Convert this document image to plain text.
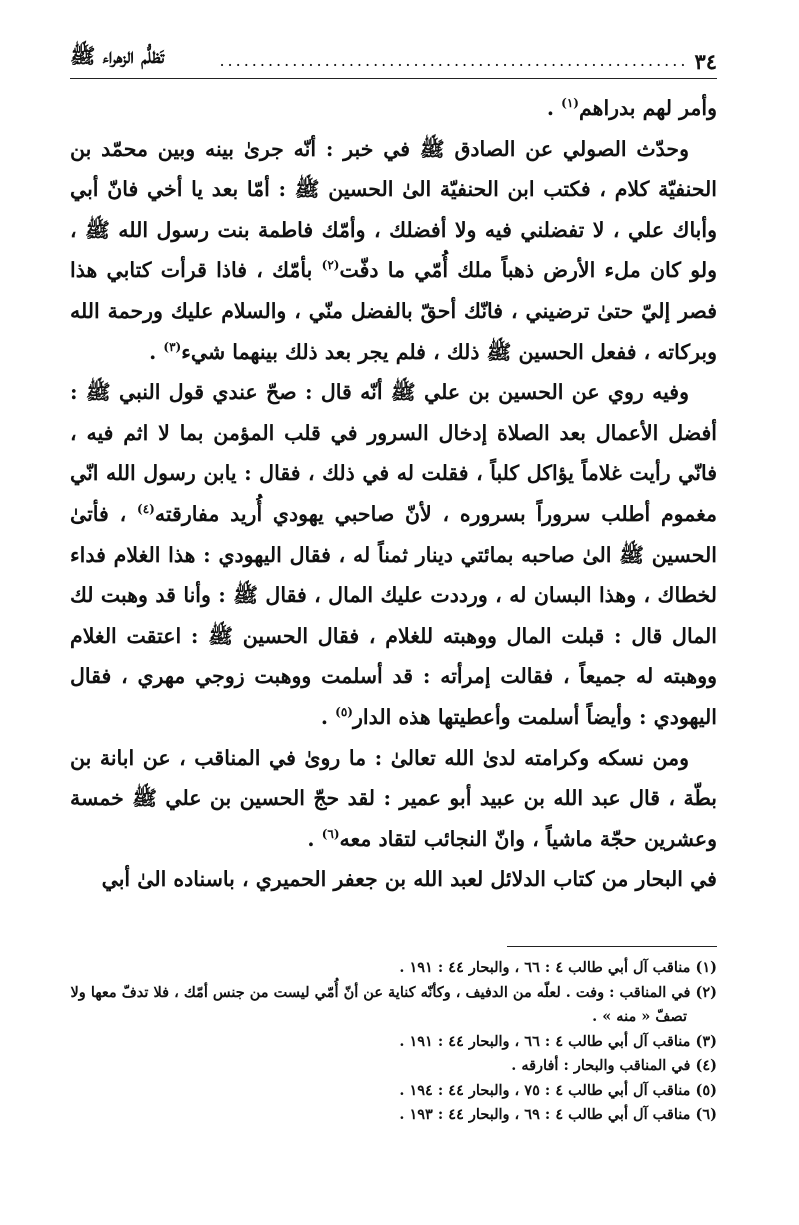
٣٤
..........................................................
تَظلُّم الزهراء ﷺ

وأمر لهم بدراهم$^{(١)}$ .

وحدّث الصولي عن الصادق ﷺ في خبر : أنّه جرىٰ بينه وبين محمّد بن الحنفيّة كلام ، فكتب ابن الحنفيّة الىٰ الحسين ﷺ : أمّا بعد يا أخي فانّ أبي وأباك علي ، لا تفضلني فيه ولا أفضلك ، وأمّك فاطمة بنت رسول الله ﷺ ، ولو كان ملء الأرض ذهباً ملك أُمّي ما دفّت$^{(٢)}$ بأمّك ، فاذا قرأت كتابي هذا فصر إليّ حتىٰ ترضيني ، فانّك أحقّ بالفضل منّي ، والسلام عليك ورحمة الله وبركاته ، ففعل الحسين ﷺ ذلك ، فلم يجر بعد ذلك بينهما شيء$^{(٣)}$ .

وفيه روي عن الحسين بن علي ﷺ أنّه قال : صحّ عندي قول النبي ﷺ : أفضل الأعمال بعد الصلاة إدخال السرور في قلب المؤمن بما لا اثم فيه ، فانّي رأيت غلاماً يؤاكل كلباً ، فقلت له في ذلك ، فقال : يابن رسول الله انّي مغموم أطلب سروراً بسروره ، لأنّ صاحبي يهودي أُريد مفارقته$^{(٤)}$ ، فأتىٰ الحسين ﷺ الىٰ صاحبه بمائتي دينار ثمناً له ، فقال اليهودي : هذا الغلام فداء لخطاك ، وهذا البسان له ، ورددت عليك المال ، فقال ﷺ : وأنا قد وهبت لك المال قال : قبلت المال ووهبته للغلام ، فقال الحسين ﷺ : اعتقت الغلام ووهبته له جميعاً ، فقالت إمرأته : قد أسلمت ووهبت زوجي مهري ، فقال اليهودي : وأيضاً أسلمت وأعطيتها هذه الدار$^{(٥)}$ .

ومن نسكه وكرامته لدىٰ الله تعالىٰ : ما روىٰ في المناقب ، عن ابانة بن بطّة ، قال عبد الله بن عبيد أبو عمير : لقد حجّ الحسين بن علي ﷺ خمسة وعشرين حجّة ماشياً ، وانّ النجائب لتقاد معه$^{(٦)}$ .

في البحار من كتاب الدلائل لعبد الله بن جعفر الحميري ، باسناده الىٰ أبي

(١) مناقب آل أبي طالب ٤ : ٦٦ ، والبحار ٤٤ : ١٩١ .

(٢) في المناقب : وفت . لعلّه من الدفيف ، وكأنّه كناية عن أنّ أُمّي ليست من جنس أمّك ، فلا تدفّ معها ولا

تصفّ « منه » .

(٣) مناقب آل أبي طالب ٤ : ٦٦ ، والبحار ٤٤ : ١٩١ .

(٤) في المناقب والبحار : أفارقه .

(٥) مناقب آل أبي طالب ٤ : ٧٥ ، والبحار ٤٤ : ١٩٤ .

(٦) مناقب آل أبي طالب ٤ : ٦٩ ، والبحار ٤٤ : ١٩٣ .
